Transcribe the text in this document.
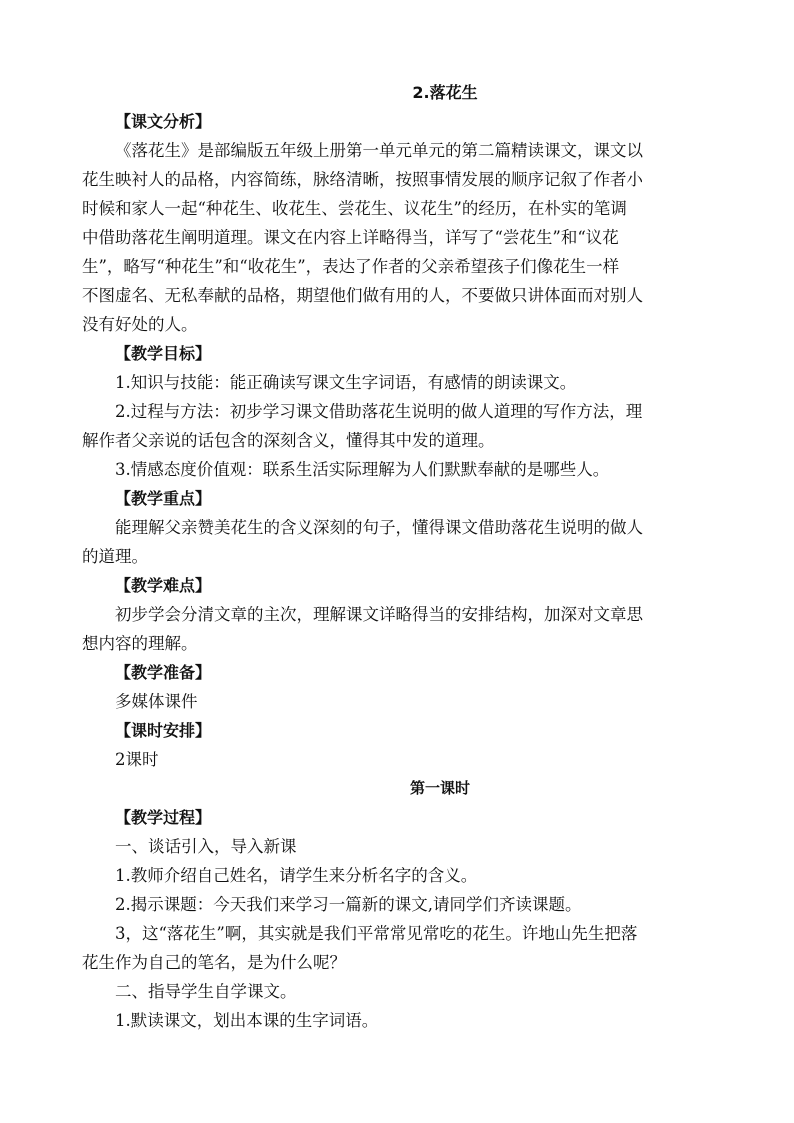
2.落花生
【课文分析】
《落花生》是部编版五年级上册第一单元单元的第二篇精读课文，课文以
花生映衬人的品格，内容简练，脉络清晰，按照事情发展的顺序记叙了作者小
时候和家人一起“种花生、收花生、尝花生、议花生”的经历，在朴实的笔调
中借助落花生阐明道理。课文在内容上详略得当，详写了“尝花生”和“议花
生”，略写“种花生”和“收花生”，表达了作者的父亲希望孩子们像花生一样
不图虚名、无私奉献的品格，期望他们做有用的人，不要做只讲体面而对别人
没有好处的人。
【教学目标】
1.知识与技能：能正确读写课文生字词语，有感情的朗读课文。
2.过程与方法：初步学习课文借助落花生说明的做人道理的写作方法，理
解作者父亲说的话包含的深刻含义，懂得其中发的道理。
3.情感态度价值观：联系生活实际理解为人们默默奉献的是哪些人。
【教学重点】
能理解父亲赞美花生的含义深刻的句子，懂得课文借助落花生说明的做人
的道理。
【教学难点】
初步学会分清文章的主次，理解课文详略得当的安排结构，加深对文章思
想内容的理解。
【教学准备】
多媒体课件
【课时安排】
2课时
第一课时
【教学过程】
一、谈话引入，导入新课
1.教师介绍自己姓名，请学生来分析名字的含义。
2.揭示课题：今天我们来学习一篇新的课文,请同学们齐读课题。
3，这“落花生”啊，其实就是我们平常常见常吃的花生。许地山先生把落
花生作为自己的笔名，是为什么呢？
二、指导学生自学课文。
1.默读课文，划出本课的生字词语。
